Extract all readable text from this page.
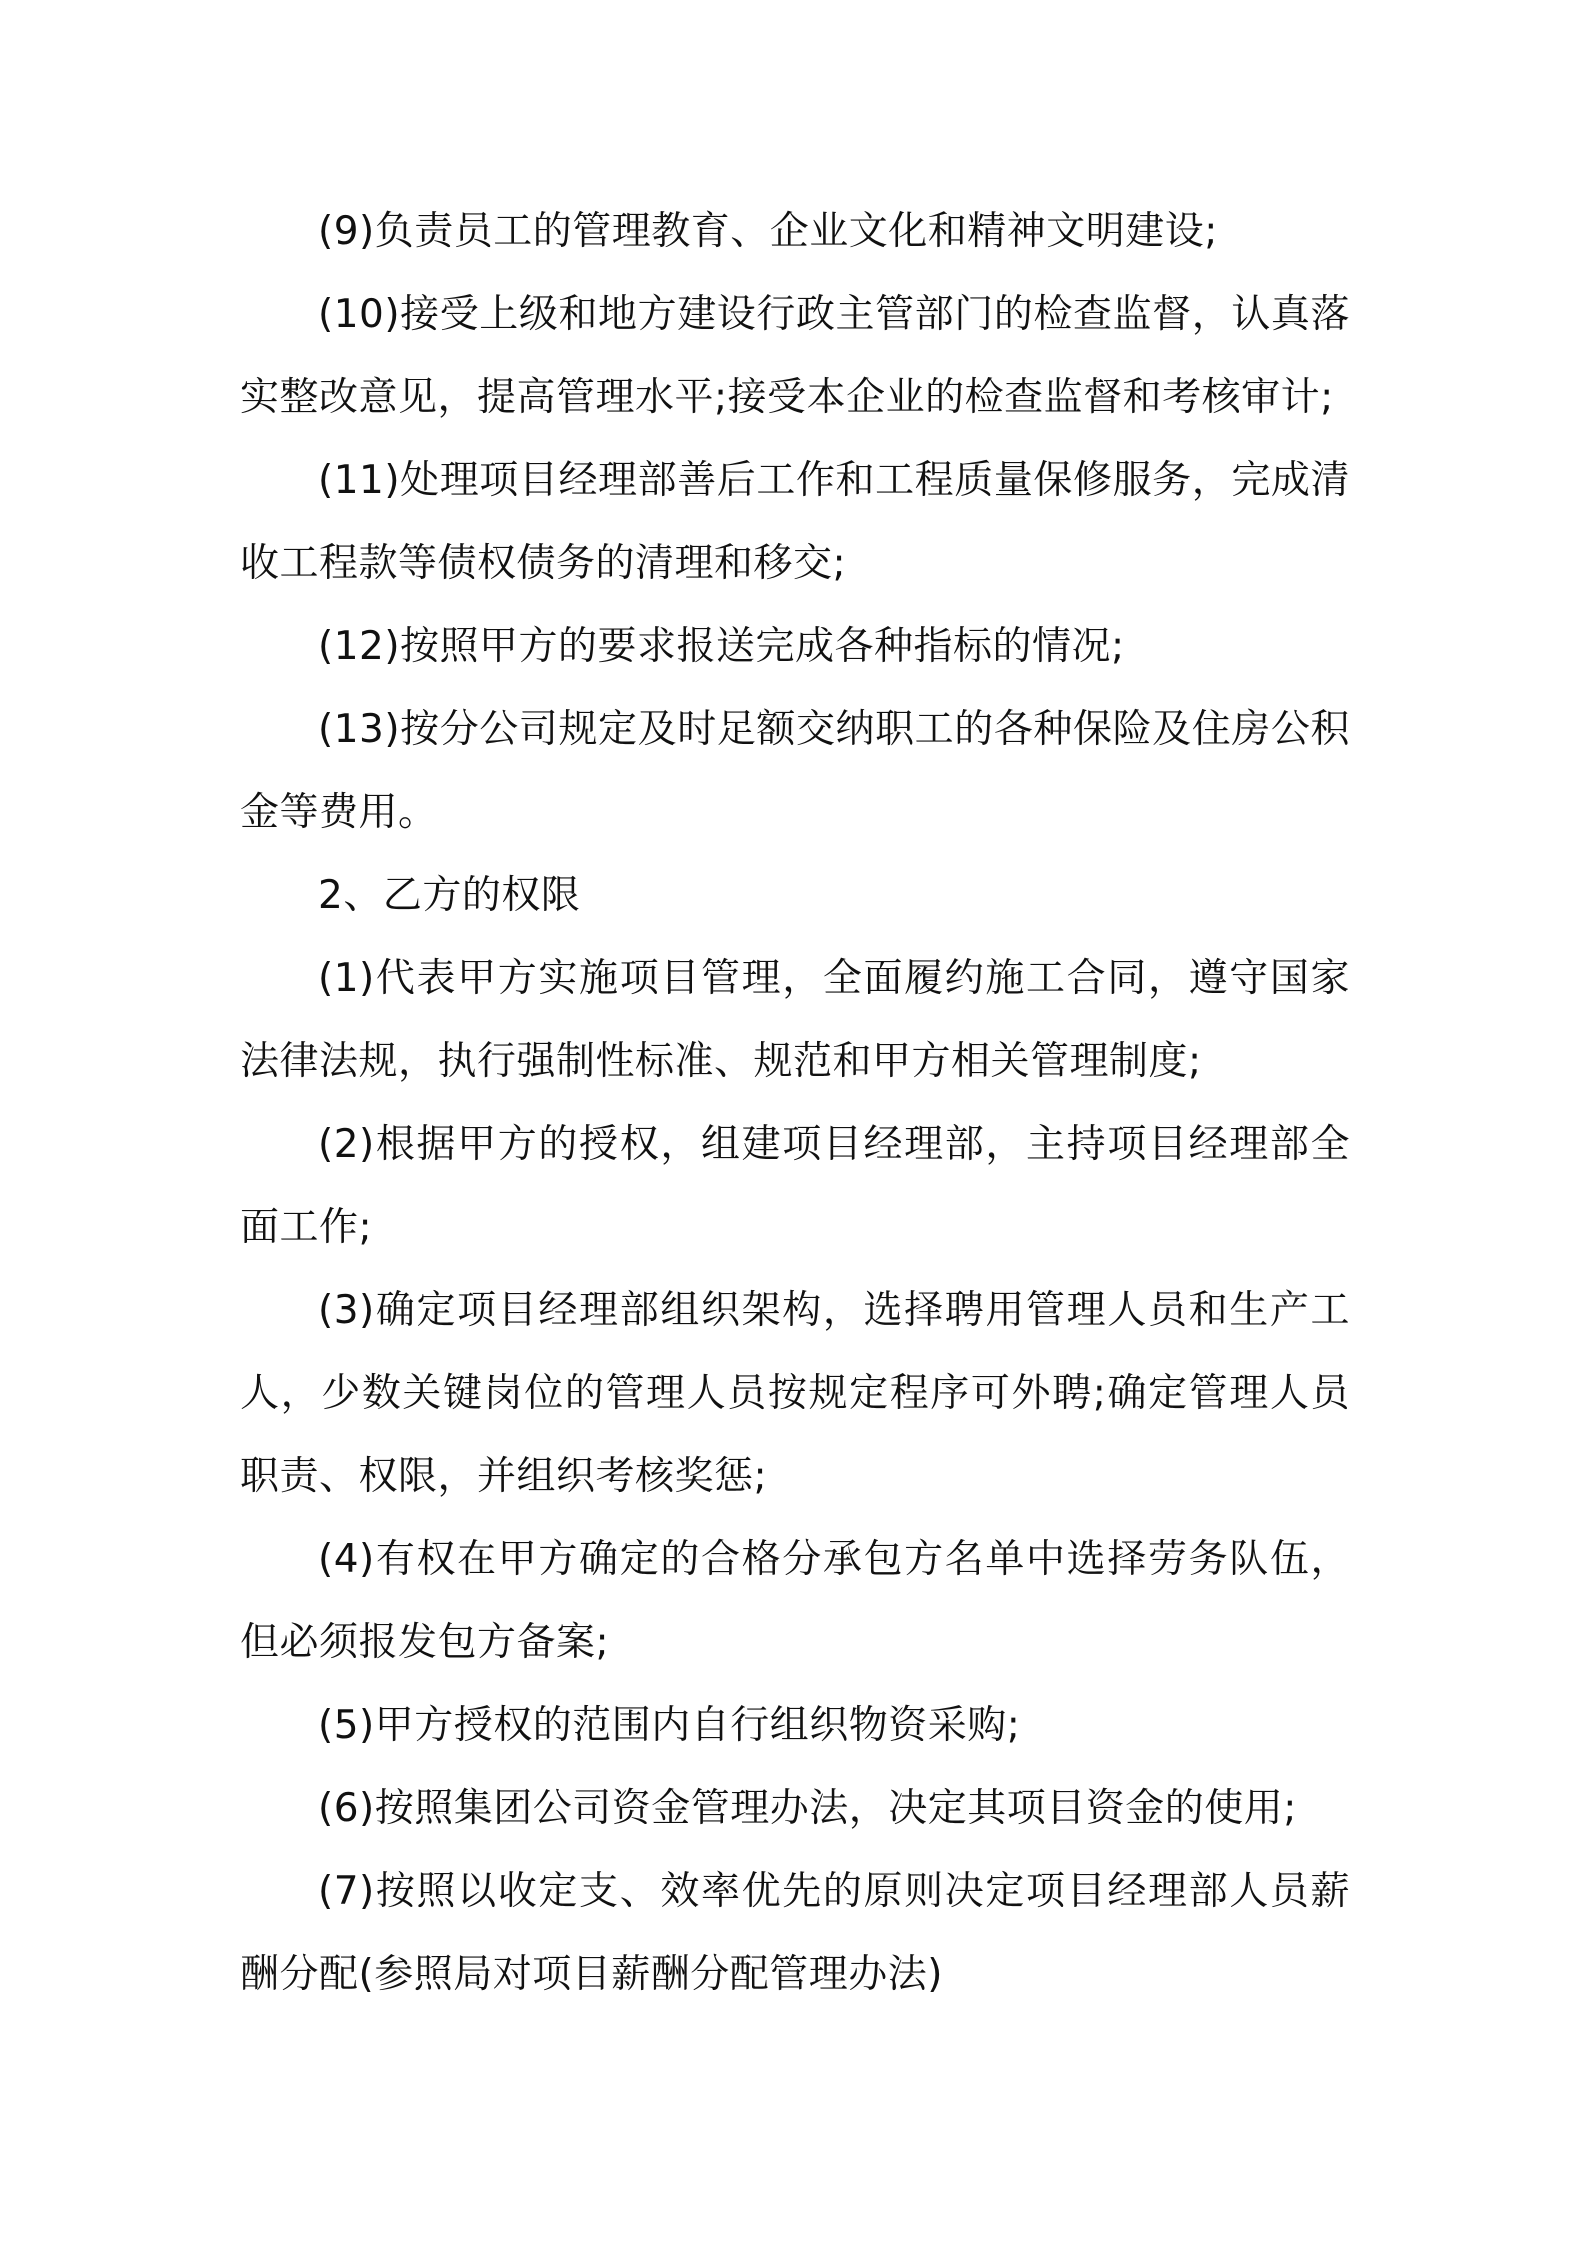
(9)负责员工的管理教育、企业文化和精神文明建设;

(10)接受上级和地方建设行政主管部门的检查监督，认真落实整改意见，提高管理水平;接受本企业的检查监督和考核审计;

(11)处理项目经理部善后工作和工程质量保修服务，完成清收工程款等债权债务的清理和移交;

(12)按照甲方的要求报送完成各种指标的情况;

(13)按分公司规定及时足额交纳职工的各种保险及住房公积金等费用。

2、乙方的权限

(1)代表甲方实施项目管理，全面履约施工合同，遵守国家法律法规，执行强制性标准、规范和甲方相关管理制度;

(2)根据甲方的授权，组建项目经理部，主持项目经理部全面工作;

(3)确定项目经理部组织架构，选择聘用管理人员和生产工人，少数关键岗位的管理人员按规定程序可外聘;确定管理人员职责、权限，并组织考核奖惩;

(4)有权在甲方确定的合格分承包方名单中选择劳务队伍，但必须报发包方备案;

(5)甲方授权的范围内自行组织物资采购;

(6)按照集团公司资金管理办法，决定其项目资金的使用;

(7)按照以收定支、效率优先的原则决定项目经理部人员薪酬分配(参照局对项目薪酬分配管理办法)
